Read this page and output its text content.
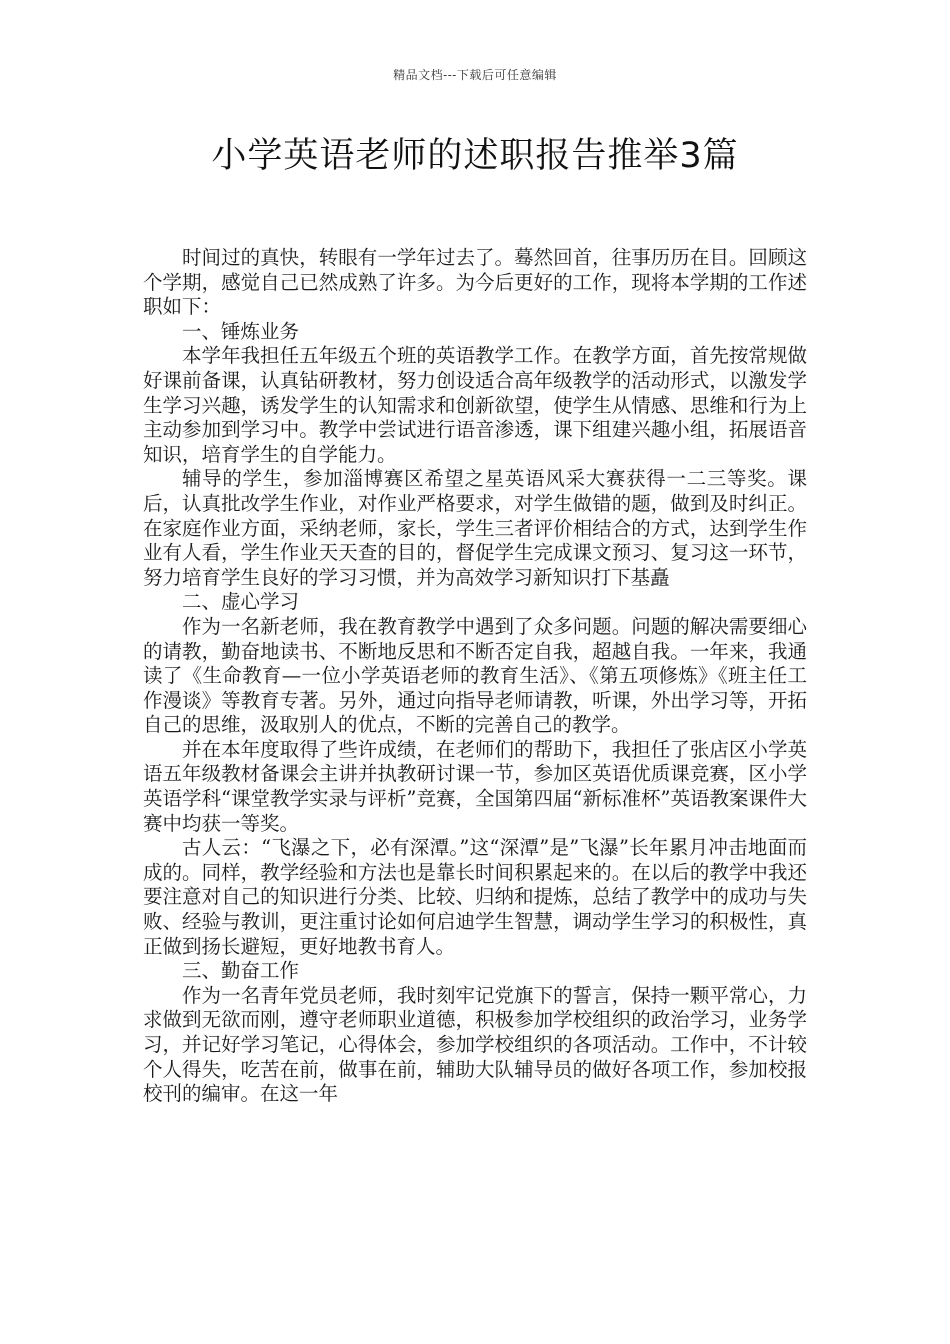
精品文档---下载后可任意编辑
小学英语老师的述职报告推举3篇

时间过的真快，转眼有一学年过去了。蓦然回首，往事历历在目。回顾这个学期，感觉自己已然成熟了许多。为今后更好的工作，现将本学期的工作述职如下：

一、锤炼业务

本学年我担任五年级五个班的英语教学工作。在教学方面，首先按常规做好课前备课，认真钻研教材，努力创设适合高年级教学的活动形式，以激发学生学习兴趣，诱发学生的认知需求和创新欲望，使学生从情感、思维和行为上主动参加到学习中。教学中尝试进行语音渗透，课下组建兴趣小组，拓展语音知识，培育学生的自学能力。

辅导的学生，参加淄博赛区希望之星英语风采大赛获得一二三等奖。课后，认真批改学生作业，对作业严格要求，对学生做错的题，做到及时纠正。在家庭作业方面，采纳老师，家长，学生三者评价相结合的方式，达到学生作业有人看，学生作业天天查的目的，督促学生完成课文预习、复习这一环节，努力培育学生良好的学习习惯，并为高效学习新知识打下基矗

二、虚心学习

作为一名新老师，我在教育教学中遇到了众多问题。问题的解决需要细心的请教，勤奋地读书、不断地反思和不断否定自我，超越自我。一年来，我通读了《生命教育—一位小学英语老师的教育生活》、《第五项修炼》《班主任工作漫谈》等教育专著。另外，通过向指导老师请教，听课，外出学习等，开拓自己的思维，汲取别人的优点，不断的完善自己的教学。

并在本年度取得了些许成绩，在老师们的帮助下，我担任了张店区小学英语五年级教材备课会主讲并执教研讨课一节，参加区英语优质课竞赛，区小学英语学科“课堂教学实录与评析”竞赛，全国第四届“新标准杯”英语教案课件大赛中均获一等奖。

古人云：“飞瀑之下，必有深潭。”这“深潭”是”飞瀑”长年累月冲击地面而成的。同样，教学经验和方法也是靠长时间积累起来的。在以后的教学中我还要注意对自己的知识进行分类、比较、归纳和提炼，总结了教学中的成功与失败、经验与教训，更注重讨论如何启迪学生智慧，调动学生学习的积极性，真正做到扬长避短，更好地教书育人。

三、勤奋工作

作为一名青年党员老师，我时刻牢记党旗下的誓言，保持一颗平常心，力求做到无欲而刚，遵守老师职业道德，积极参加学校组织的政治学习，业务学习，并记好学习笔记，心得体会，参加学校组织的各项活动。工作中，不计较个人得失，吃苦在前，做事在前，辅助大队辅导员的做好各项工作，参加校报校刊的编审。在这一年
